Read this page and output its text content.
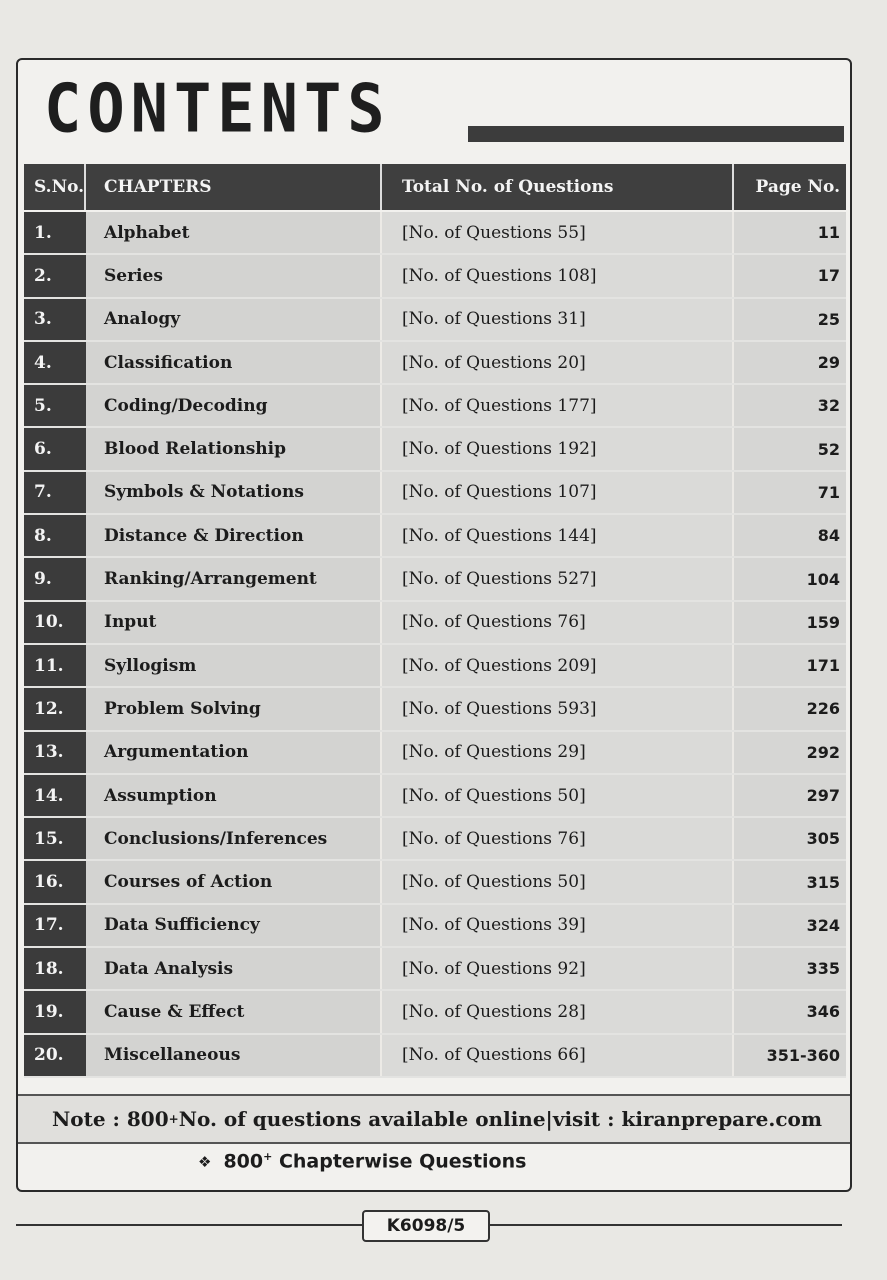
CONTENTS
S.No.	CHAPTERS	Total No. of Questions	Page No.
1.	Alphabet	[No. of Questions 55]	11
2.	Series	[No. of Questions 108]	17
3.	Analogy	[No. of Questions 31]	25
4.	Classification	[No. of Questions 20]	29
5.	Coding/Decoding	[No. of Questions 177]	32
6.	Blood Relationship	[No. of Questions 192]	52
7.	Symbols & Notations	[No. of Questions 107]	71
8.	Distance & Direction	[No. of Questions 144]	84
9.	Ranking/Arrangement	[No. of Questions 527]	104
10.	Input	[No. of Questions 76]	159
11.	Syllogism	[No. of Questions 209]	171
12.	Problem Solving	[No. of Questions 593]	226
13.	Argumentation	[No. of Questions 29]	292
14.	Assumption	[No. of Questions 50]	297
15.	Conclusions/Inferences	[No. of Questions 76]	305
16.	Courses of Action	[No. of Questions 50]	315
17.	Data Sufficiency	[No. of Questions 39]	324
18.	Data Analysis	[No. of Questions 92]	335
19.	Cause & Effect	[No. of Questions 28]	346
20.	Miscellaneous	[No. of Questions 66]	351-360
Note : 800 + No. of questions available online|visit : kiranprepare.com
❖ 800+ Chapterwise Questions
K6098/5
